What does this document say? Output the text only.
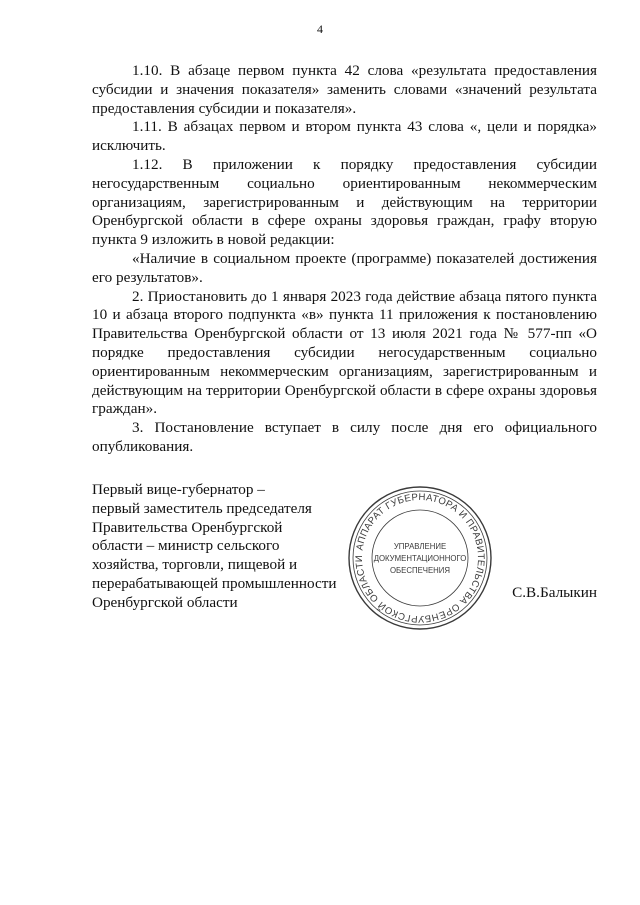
4

1.10. В абзаце первом пункта 42 слова «результата предоставления субсидии и значения показателя» заменить словами «значений результата предоставления субсидии и показателя».

1.11. В абзацах первом и втором пункта 43 слова «, цели и порядка» исключить.

1.12. В приложении к порядку предоставления субсидии негосударственным социально ориентированным некоммерческим организациям, зарегистрированным и действующим на территории Оренбургской области в сфере охраны здоровья граждан, графу вторую пункта 9 изложить в новой редакции:

«Наличие в социальном проекте (программе) показателей достижения его результатов».

2. Приостановить до 1 января 2023 года действие абзаца пятого пункта 10 и абзаца второго подпункта «в» пункта 11 приложения к постановлению Правительства Оренбургской области от 13 июля 2021 года № 577-пп «О порядке предоставления субсидии негосударственным социально ориентированным некоммерческим организациям, зарегистрированным и действующим на территории Оренбургской области в сфере охраны здоровья граждан».

3. Постановление вступает в силу после дня его официального опубликования.

Первый вице-губернатор –
первый заместитель председателя
Правительства Оренбургской
области – министр сельского
хозяйства, торговли, пищевой и
перерабатывающей промышленности
Оренбургской области
АППАРАТ ГУБЕРНАТОРА И ПРАВИТЕЛЬСТВА ОРЕНБУРГСКОЙ ОБЛАСТИ
УПРАВЛЕНИЕ
ДОКУМЕНТАЦИОННОГО
ОБЕСПЕЧЕНИЯ
С.В.Балыкин
